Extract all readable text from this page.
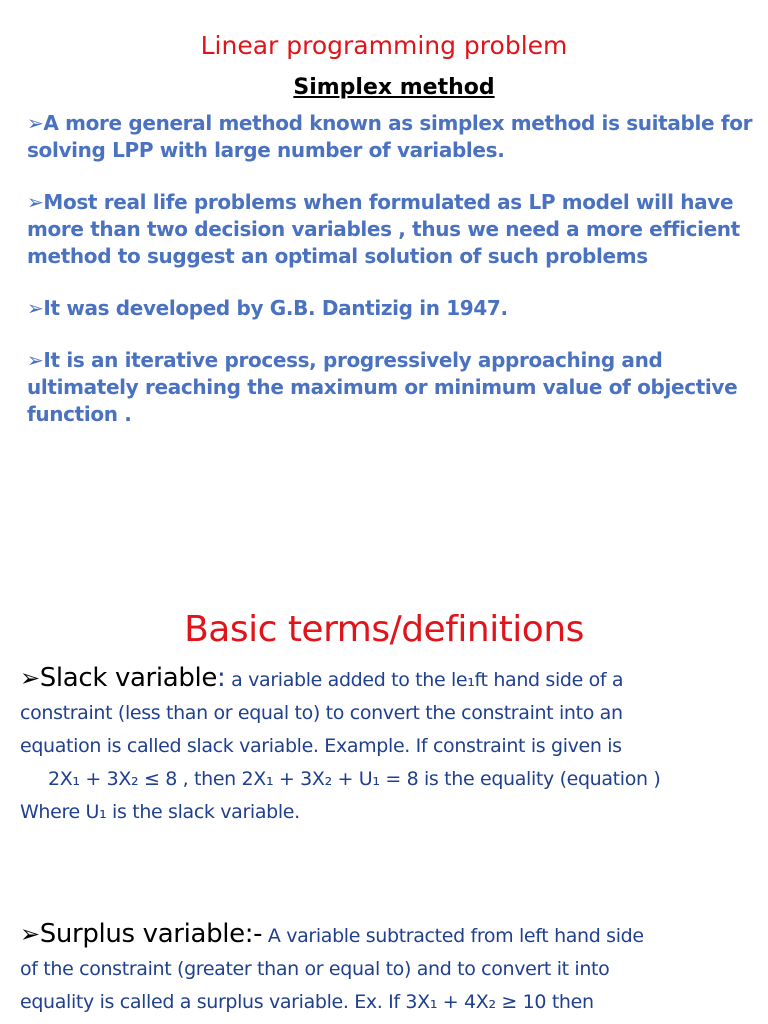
Linear programming problem
Simplex method
➢A more general method known as simplex method is suitable for solving LPP with large number of variables.
➢Most real life problems when formulated as LP model will have more than two decision variables , thus we need a more efficient method to suggest an optimal solution of such problems
➢It was developed by G.B. Dantizig in 1947.
➢It is an iterative process, progressively approaching and ultimately reaching the maximum or minimum value of objective function .
Basic terms/definitions
➢Slack variable: a variable added to the le₁ft hand side of a
constraint (less than or equal to) to convert the constraint into an
equation is called slack variable. Example. If constraint is given is
2X₁ + 3X₂ ≤ 8 , then 2X₁ + 3X₂ + U₁ = 8 is the equality (equation )
Where U₁ is the slack variable.
➢Surplus variable:- A variable subtracted from left hand side
of the constraint (greater than or equal to) and to convert it into
equality is called a surplus variable. Ex. If 3X₁ + 4X₂ ≥ 10 then
